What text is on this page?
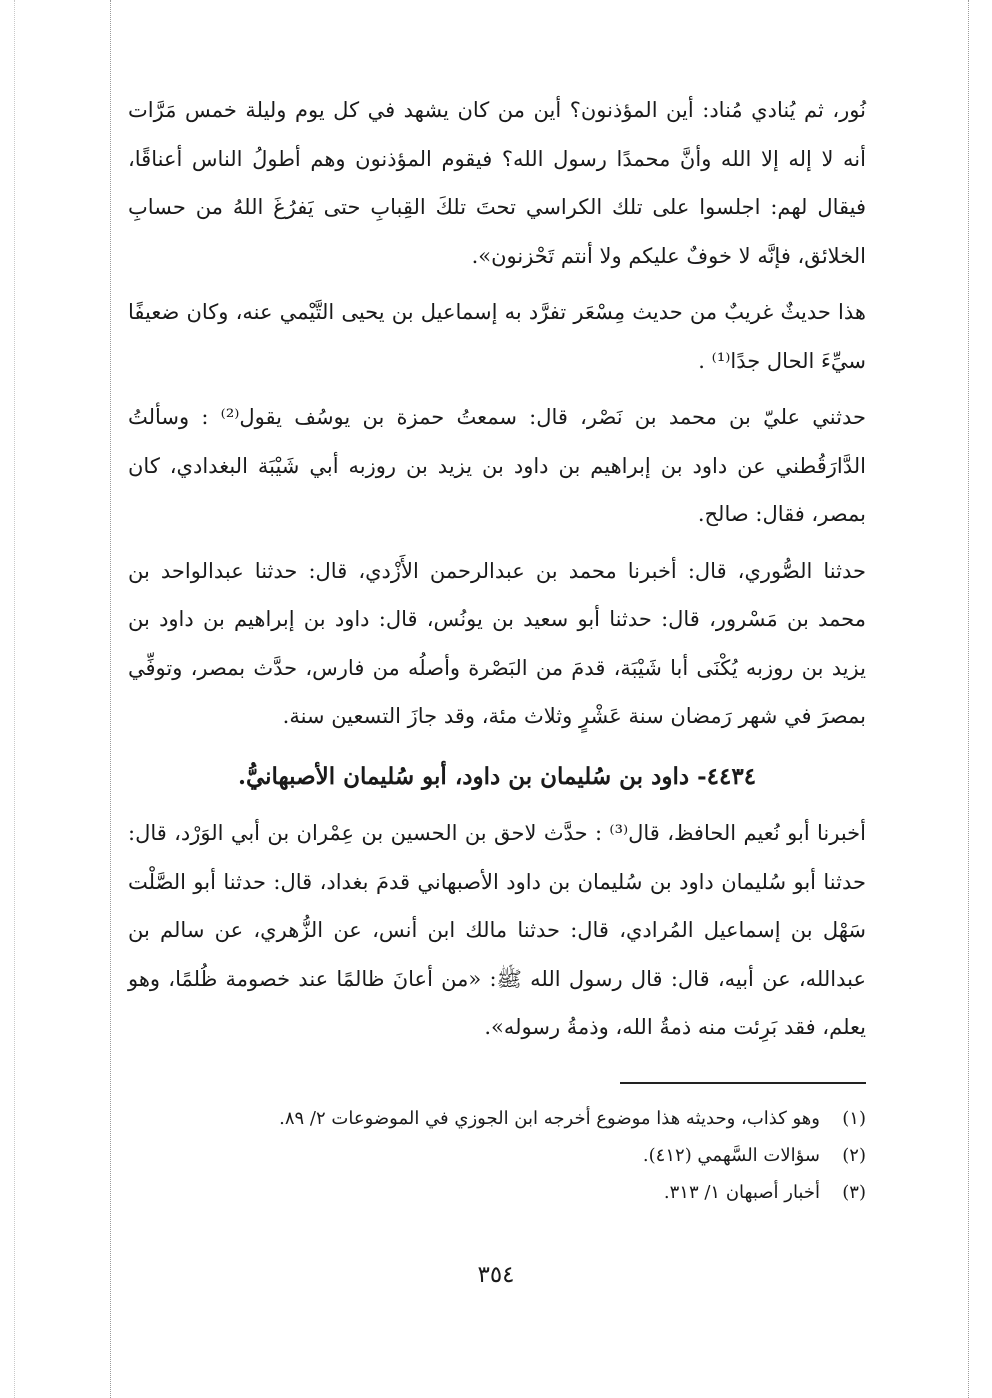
نُور، ثم يُنادي مُناد: أين المؤذنون؟ أين من كان يشهد في كل يوم وليلة خمس مَرَّات أنه لا إله إلا الله وأنَّ محمدًا رسول الله؟ فيقوم المؤذنون وهم أطولُ الناس أعناقًا، فيقال لهم: اجلسوا على تلك الكراسي تحتَ تلكَ القِبابِ حتى يَفرُغَ اللهُ من حسابِ الخلائق، فإنَّه لا خوفٌ عليكم ولا أنتم تَحْزنون».

هذا حديثٌ غريبٌ من حديث مِسْعَر تفرَّد به إسماعيل بن يحيى التَّيْمي عنه، وكان ضعيفًا سيِّءَ الحال جدًا⁽¹⁾ .

حدثني عليّ بن محمد بن نَصْر، قال: سمعتُ حمزة بن يوسُف يقول⁽²⁾ : وسألتُ الدَّارَقُطني عن داود بن إبراهيم بن داود بن يزيد بن روزبه أبي شَيْبَة البغدادي، كان بمصر، فقال: صالح.

حدثنا الصُّوري، قال: أخبرنا محمد بن عبدالرحمن الأَزْدي، قال: حدثنا عبدالواحد بن محمد بن مَسْرور، قال: حدثنا أبو سعيد بن يونُس، قال: داود بن إبراهيم بن داود بن يزيد بن روزبه يُكْنَى أبا شَيْبَة، قدمَ من البَصْرة وأصلُه من فارس، حدَّث بمصر، وتوفِّي بمصرَ في شهر رَمضان سنة عَشْرٍ وثلاث مئة، وقد جازَ التسعين سنة.

٤٤٣٤- داود بن سُليمان بن داود، أبو سُليمان الأصبهانيُّ.

أخبرنا أبو نُعيم الحافظ، قال⁽³⁾ : حدَّث لاحق بن الحسين بن عِمْران بن أبي الوَرْد، قال: حدثنا أبو سُليمان داود بن سُليمان بن داود الأصبهاني قدمَ بغداد، قال: حدثنا أبو الصَّلْت سَهْل بن إسماعيل المُرادي، قال: حدثنا مالك ابن أنس، عن الزُّهري، عن سالم بن عبدالله، عن أبيه، قال: قال رسول الله ﷺ: «من أعانَ ظالمًا عند خصومة ظُلمًا، وهو يعلم، فقد بَرِئت منه ذمةُ الله، وذمةُ رسوله».

(١)
وهو كذاب، وحديثه هذا موضوع أخرجه ابن الجوزي في الموضوعات ٢/ ٨٩.
(٢)
سؤالات السَّهمي (٤١٢).
(٣)
أخبار أصبهان ١/ ٣١٣.
٣٥٤
